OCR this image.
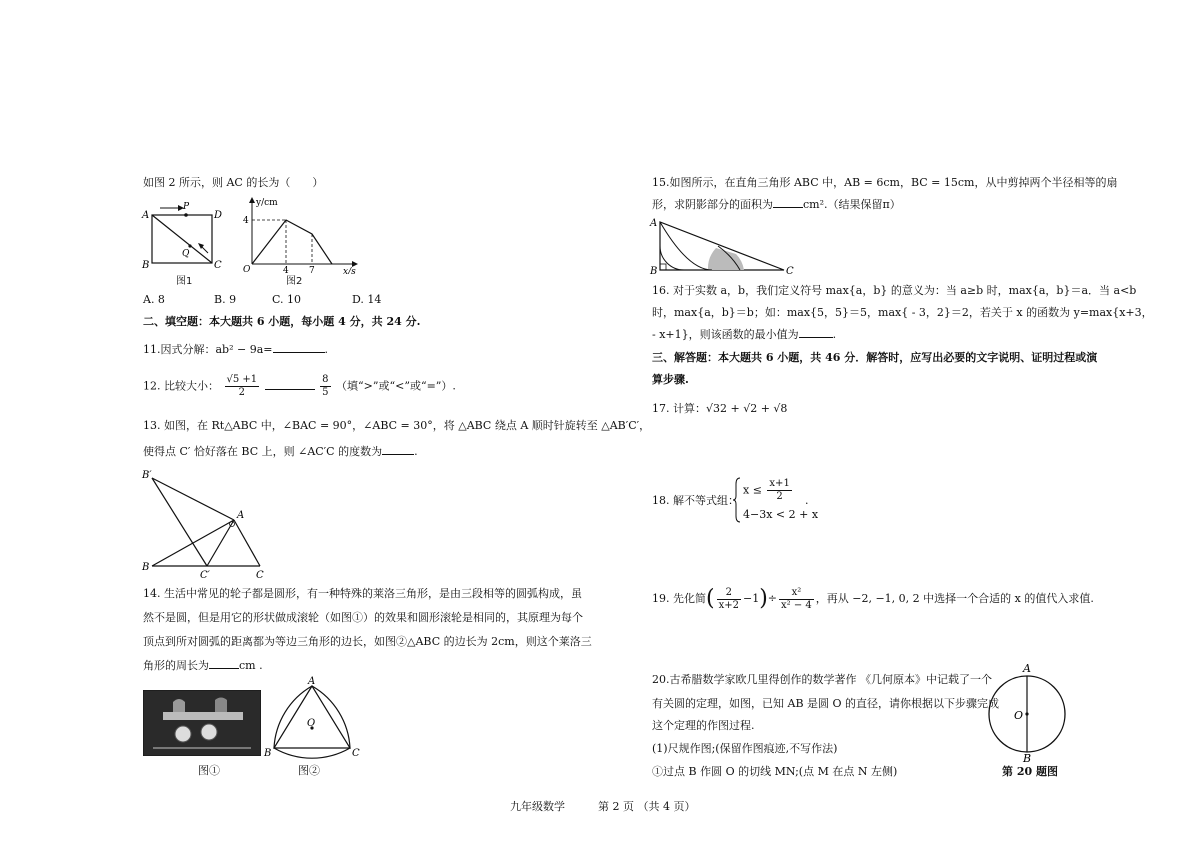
如图 2 所示，则 AC 的长为（　　）
A	D
B	C
P
Q
图1
y/cm
x/s
O	4 7
4
图2
A. 8	B. 9	C. 10	D. 14
二、填空题：本大题共 6 小题，每小题 4 分，共 24 分.
11.因式分解：ab² − 9a=	.
12. 比较大小： $\frac{√5 +1}{2}$
	$\frac{8}{5}$ （填“>”或“<”或“=”）.
13. 如图，在 Rt△ABC 中，∠BAC = 90°，∠ABC = 30°，将 △ABC 绕点 A 顺时针旋转至 △AB′C′，
使得点 C′ 恰好落在 BC 上，则 ∠AC′C 的度数为	.
B′
A
B
C′	C
14. 生活中常见的轮子都是圆形，有一种特殊的莱洛三角形，是由三段相等的圆弧构成，虽
然不是圆，但是用它的形状做成滚轮（如图①）的效果和圆形滚轮是相同的，其原理为每个
顶点到所对圆弧的距离都为等边三角形的边长，如图②△ABC 的边长为 2cm，则这个莱洛三
角形的周长为	cm .
图①
A
O
B	C
图②
15.如图所示，在直角三角形 ABC 中，AB = 6cm，BC = 15cm，从中剪掉两个半径相等的扇
形，求阴影部分的面积为	cm².（结果保留π）
A
B	C
16. 对于实数 a，b，我们定义符号 max{a，b} 的意义为：当 a≥b 时，max{a，b}＝a．当 a<b
时，max{a，b}＝b；如：max{5，5}＝5，max{ - 3，2}＝2，若关于 x 的函数为 y=max{x+3，
- x+1}，则该函数的最小值为	.
三、解答题：本大题共 6 小题，共 46 分．解答时，应写出必要的文字说明、证明过程或演
算步骤.
17. 计算：√32 + √2 + √8
18. 解不等式组：
$x \le \frac{x+1}{2}$
4−3x < 2 + x
.
19. 先化简( $\frac{2}{x+2} -1)\div \frac{\text{x²}}{\text{x² − 4}}$ ，再从 −2, −1, 0, 2 中选择一个合适的 x 的值代入求值.
20.古希腊数学家欧几里得创作的数学著作 《几何原本》中记载了一个
有关圆的定理，如图，已知 AB 是圆 O 的直径，请你根据以下步骤完成
这个定理的作图过程.
(1)尺规作图;(保留作图痕迹,不写作法)
①过点 B 作圆 O 的切线 MN;(点 M 在点 N 左侧)
A
O
B
第 20 题图
九年级数学	第 2 页 （共 4 页）
